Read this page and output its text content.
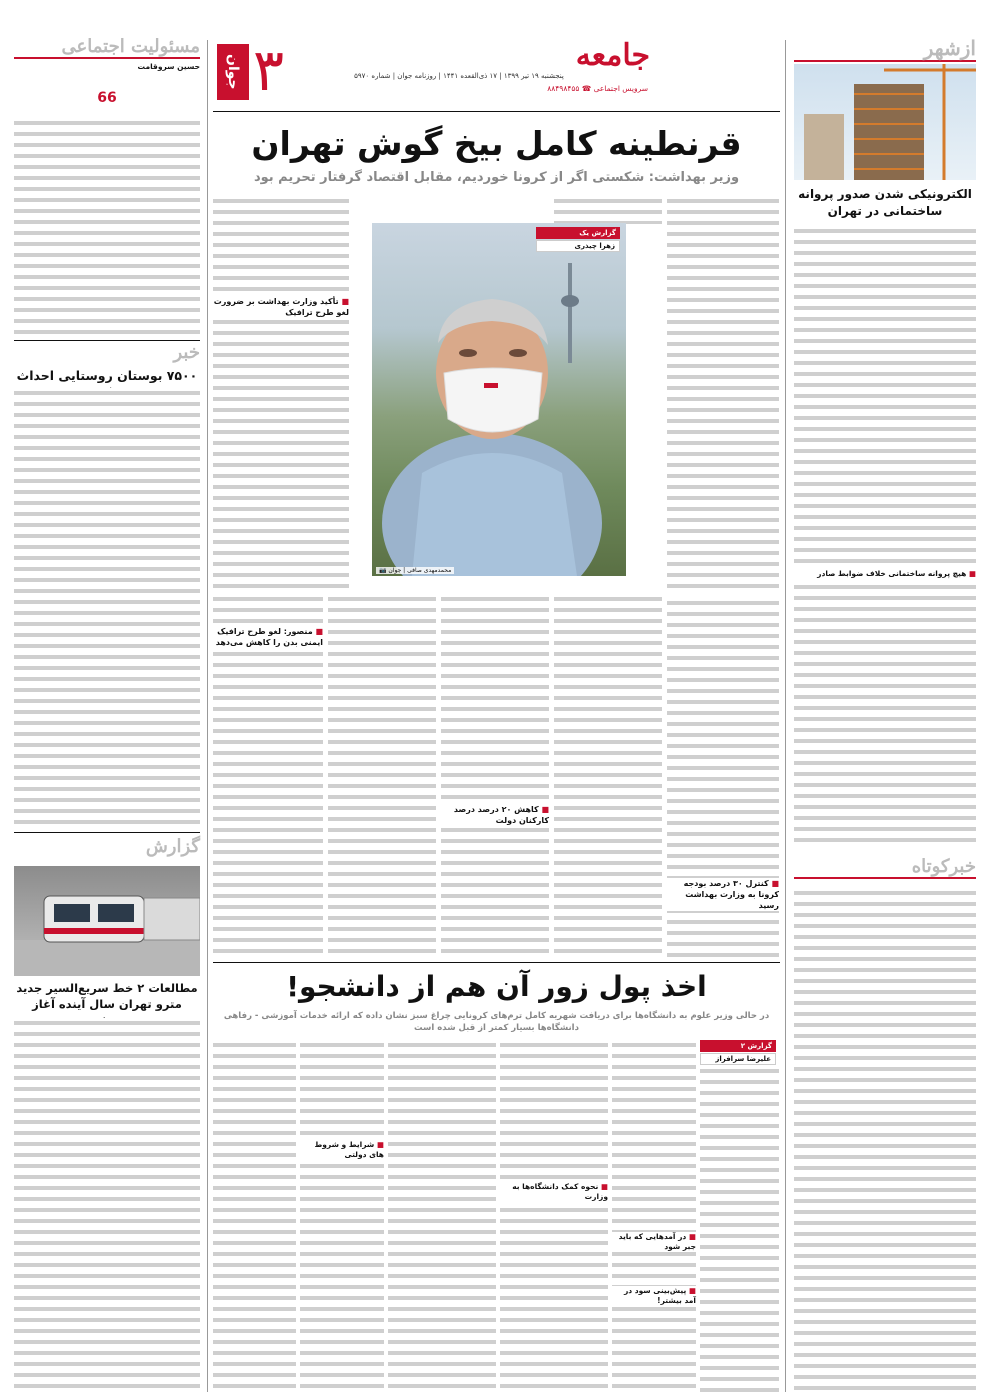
۳
جوان	پنجشنبه ۱۹ تیر ۱۳۹۹ | ۱۷ ذی‌القعده ۱۴۴۱ | روزنامه جوان | شماره ۵۹۷۰
جامعه
سرویس اجتماعی ☎ ۸۸۴۹۸۴۵۵
قرنطینه کامل بیخ گوش تهران
وزیر بهداشت: شکستی اگر از کرونا خوردیم، مقابل اقتصاد گرفتار تحریم بود
محمدمهدی صافی | جوان 📷
گزارش یک
زهرا چیذری
■ تأکید وزارت بهداشت بر ضرورت لغو طرح ترافیک
■ منصور: لغو طرح ترافیک ایمنی بدن را کاهش می‌دهد
■ کنترل ۳۰ درصد بودجه کرونا به وزارت بهداشت رسید
■ کاهش ۲۰ درصد درصد کارکنان دولت
اخذ پول زور آن هم از دانشجو!
در حالی وزیر علوم به دانشگاه‌ها برای دریافت شهریه کامل ترم‌های کرونایی چراغ سبز نشان داده که ارائه خدمات آموزشی - رفاهی دانشگاه‌ها بسیار کمتر از قبل شده است
گزارش ۲
علیرضا سرافراز
■ شرایط و شروط های دولتی
■ در آمدهایی که باید جبر شود
■ نحوه کمک دانشگاه‌ها به وزارت
■ پیش‌بینی سود در آمد بیشتر!
ازشهر
الکترونیکی شدن صدور پروانه ساختمانی در تهران
■ هیچ پروانه ساختمانی خلاف ضوابط صادر
خبرکوتاه
مسئولیت اجتماعی
حسین سروقامت
66
خبر
۷۵۰۰ بوستان روستایی احداث
گزارش
مطالعات ۲ خط سریع‌السیر جدید مترو تهران سال آینده آغاز
